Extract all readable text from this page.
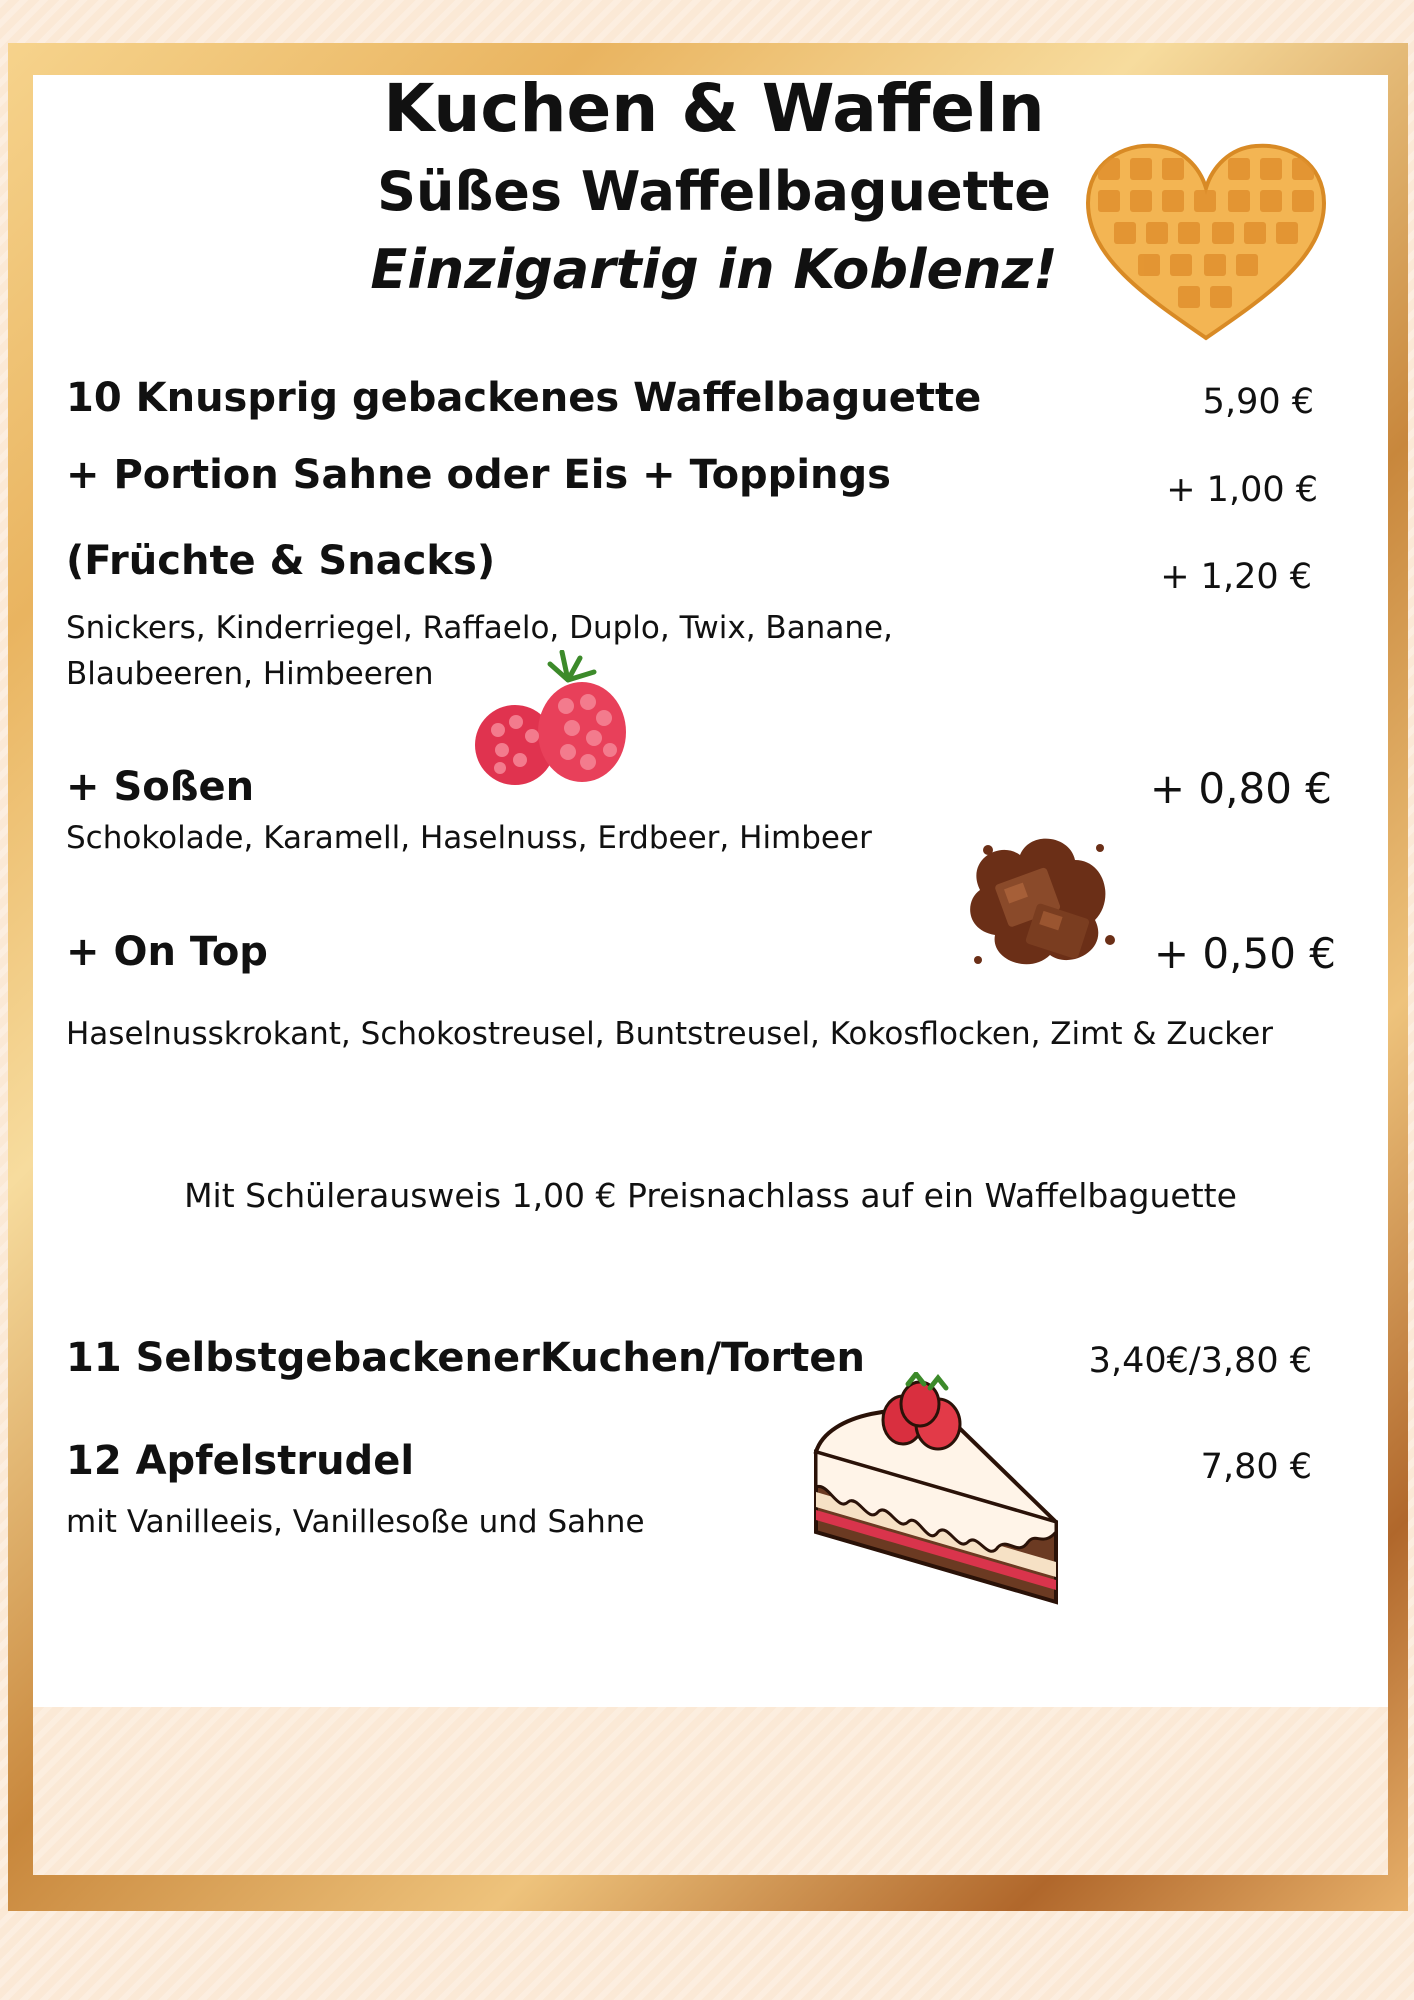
Kuchen & Waffeln
Süßes Waffelbaguette
Einzigartig in Koblenz!
10 Knusprig gebackenes Waffelbaguette	5,90 €
+ Portion Sahne oder Eis + Toppings	+ 1,00 €
(Früchte & Snacks)	+ 1,20 €
Snickers, Kinderriegel, Raffaelo, Duplo, Twix, Banane,
Blaubeeren, Himbeeren
+ Soßen	+ 0,80 €
Schokolade, Karamell, Haselnuss, Erdbeer, Himbeer
+ On Top	+ 0,50 €
Haselnusskrokant, Schokostreusel, Buntstreusel, Kokosflocken, Zimt & Zucker
Mit Schülerausweis 1,00 € Preisnachlass auf ein Waffelbaguette
11 SelbstgebackenerKuchen/Torten	3,40€/3,80 €
12 Apfelstrudel	7,80 €
mit Vanilleeis, Vanillesoße und Sahne
